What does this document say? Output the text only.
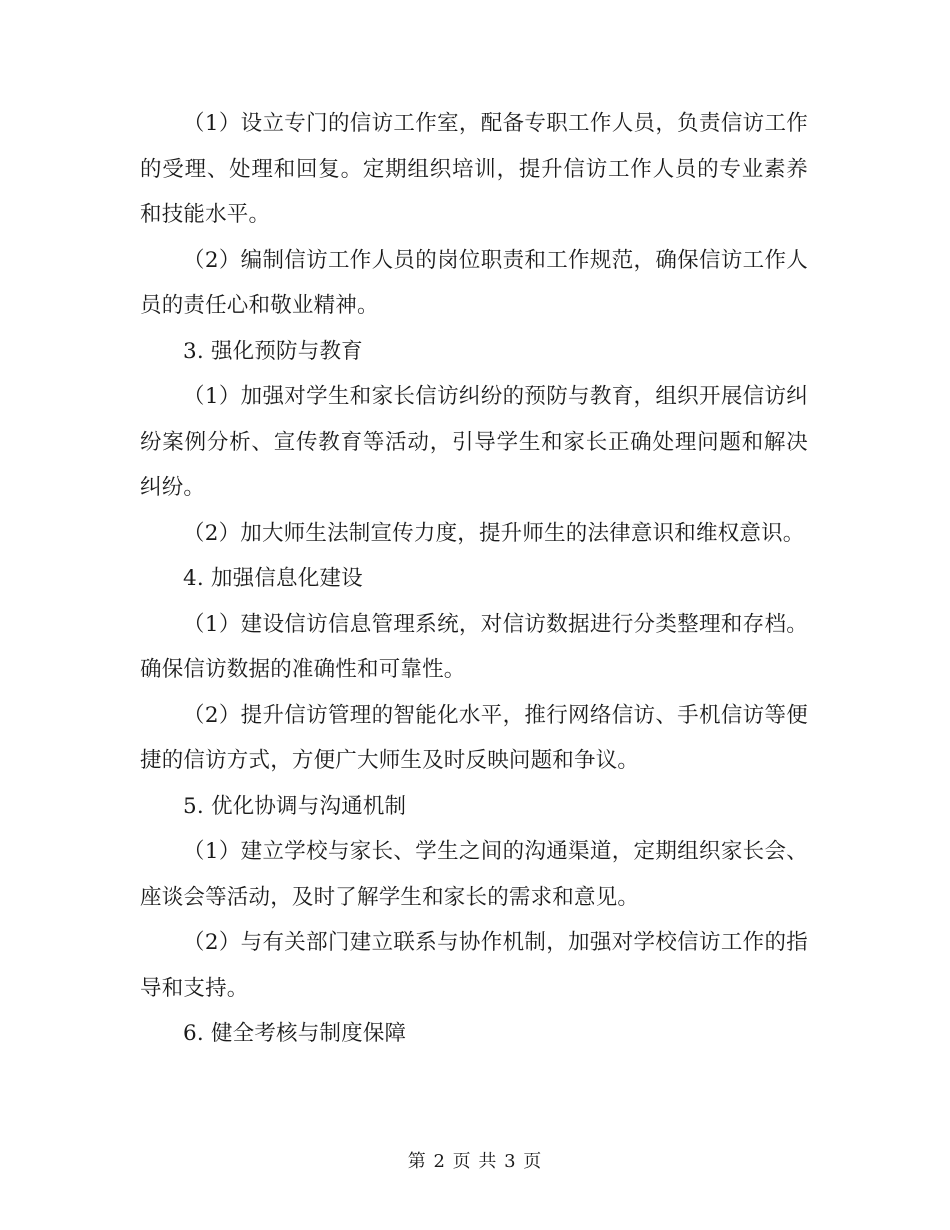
（1）设立专门的信访工作室，配备专职工作人员，负责信访工作的受理、处理和回复。定期组织培训，提升信访工作人员的专业素养和技能水平。

（2）编制信访工作人员的岗位职责和工作规范，确保信访工作人员的责任心和敬业精神。

3. 强化预防与教育

（1）加强对学生和家长信访纠纷的预防与教育，组织开展信访纠纷案例分析、宣传教育等活动，引导学生和家长正确处理问题和解决纠纷。

（2）加大师生法制宣传力度，提升师生的法律意识和维权意识。

4. 加强信息化建设

（1）建设信访信息管理系统，对信访数据进行分类整理和存档。确保信访数据的准确性和可靠性。

（2）提升信访管理的智能化水平，推行网络信访、手机信访等便捷的信访方式，方便广大师生及时反映问题和争议。

5. 优化协调与沟通机制

（1）建立学校与家长、学生之间的沟通渠道，定期组织家长会、座谈会等活动，及时了解学生和家长的需求和意见。

（2）与有关部门建立联系与协作机制，加强对学校信访工作的指导和支持。

6. 健全考核与制度保障

第 2 页 共 3 页
